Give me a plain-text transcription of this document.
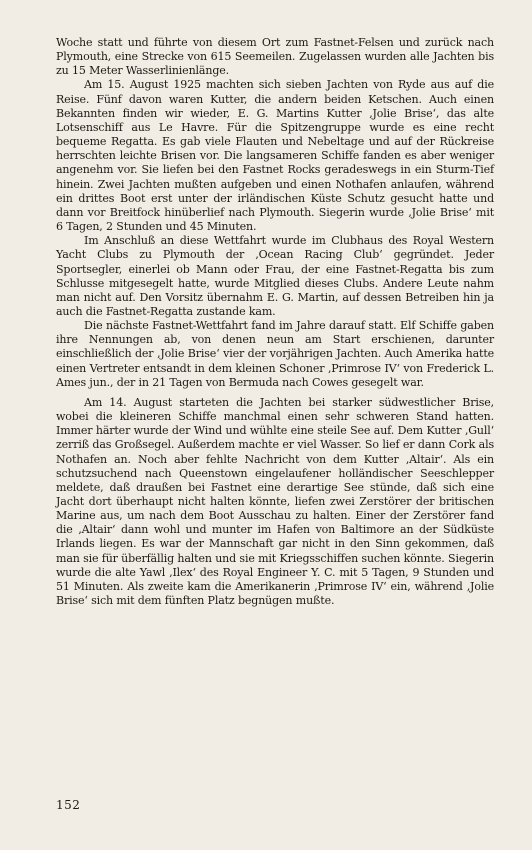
Woche statt und führte von diesem Ort zum Fastnet-Felsen und zurück nach Plymouth, eine Strecke von 615 Seemeilen. Zugelassen wurden alle Jachten bis zu 15 Meter Wasserlinienlänge.

Am 15. August 1925 machten sich sieben Jachten von Ryde aus auf die Reise. Fünf davon waren Kutter, die andern beiden Ketschen. Auch einen Bekannten finden wir wieder, E. G. Martins Kutter ‚Jolie Brise‘, das alte Lotsenschiff aus Le Havre. Für die Spitzengruppe wurde es eine recht bequeme Regatta. Es gab viele Flauten und Nebeltage und auf der Rückreise herrschten leichte Brisen vor. Die langsameren Schiffe fanden es aber weniger angenehm vor. Sie liefen bei den Fastnet Rocks geradeswegs in ein Sturm-Tief hinein. Zwei Jachten mußten aufgeben und einen Nothafen anlaufen, während ein drittes Boot erst unter der irländischen Küste Schutz gesucht hatte und dann vor Breitfock hinüberlief nach Plymouth. Siegerin wurde ‚Jolie Brise‘ mit 6 Tagen, 2 Stunden und 45 Minuten.

Im Anschluß an diese Wettfahrt wurde im Clubhaus des Royal Western Yacht Clubs zu Plymouth der ‚Ocean Racing Club‘ gegründet. Jeder Sportsegler, einerlei ob Mann oder Frau, der eine Fastnet-Regatta bis zum Schlusse mitgesegelt hatte, wurde Mitglied dieses Clubs. Andere Leute nahm man nicht auf. Den Vorsitz übernahm E. G. Martin, auf dessen Betreiben hin ja auch die Fastnet-Regatta zustande kam.

Die nächste Fastnet-Wettfahrt fand im Jahre darauf statt. Elf Schiffe gaben ihre Nennungen ab, von denen neun am Start erschienen, darunter einschließlich der ‚Jolie Brise‘ vier der vorjährigen Jachten. Auch Amerika hatte einen Vertreter entsandt in dem kleinen Schoner ‚Primrose IV‘ von Frederick L. Ames jun., der in 21 Tagen von Bermuda nach Cowes gesegelt war.

Am 14. August starteten die Jachten bei starker südwestlicher Brise, wobei die kleineren Schiffe manchmal einen sehr schweren Stand hatten. Immer härter wurde der Wind und wühlte eine steile See auf. Dem Kutter ‚Gull‘ zerriß das Großsegel. Außerdem machte er viel Wasser. So lief er dann Cork als Nothafen an. Noch aber fehlte Nachricht von dem Kutter ‚Altair‘. Als ein schutzsuchend nach Queenstown eingelaufener holländischer Seeschlepper meldete, daß draußen bei Fastnet eine derartige See stünde, daß sich eine Jacht dort überhaupt nicht halten könnte, liefen zwei Zerstörer der britischen Marine aus, um nach dem Boot Ausschau zu halten. Einer der Zerstörer fand die ‚Altair‘ dann wohl und munter im Hafen von Baltimore an der Südküste Irlands liegen. Es war der Mannschaft gar nicht in den Sinn gekommen, daß man sie für überfällig halten und sie mit Kriegsschiffen suchen könnte. Siegerin wurde die alte Yawl ‚Ilex‘ des Royal Engineer Y. C. mit 5 Tagen, 9 Stunden und 51 Minuten. Als zweite kam die Amerikanerin ‚Primrose IV‘ ein, während ‚Jolie Brise‘ sich mit dem fünften Platz begnügen mußte.

152
